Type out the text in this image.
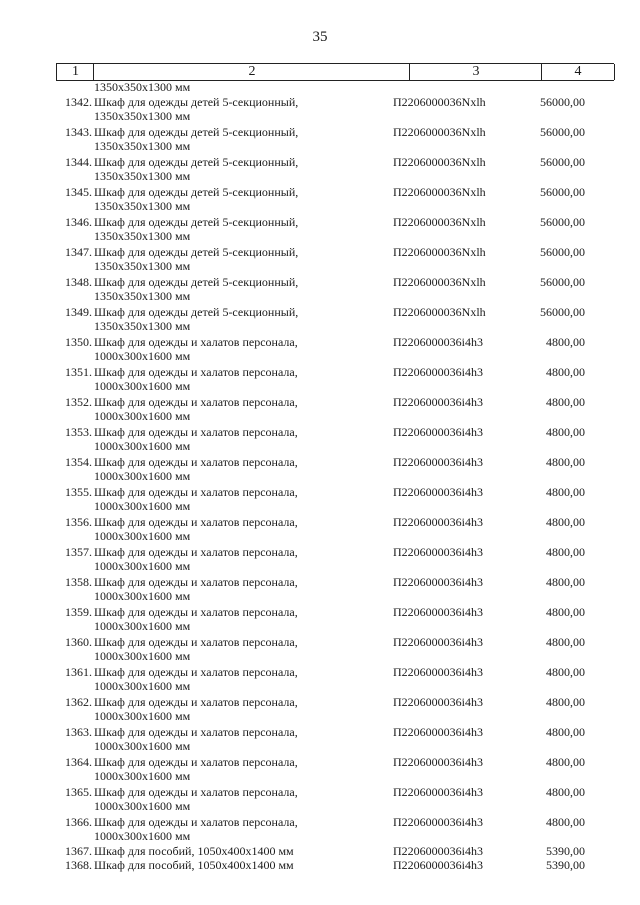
35
1	2	3	4
1350х350х1300 мм
1342. Шкаф для одежды детей 5-секционный,
1350х350х1300 мм
П2206000036Nxlh	56000,00
1343. Шкаф для одежды детей 5-секционный,
1350х350х1300 мм
П2206000036Nxlh	56000,00
1344. Шкаф для одежды детей 5-секционный,
1350х350х1300 мм
П2206000036Nxlh	56000,00
1345. Шкаф для одежды детей 5-секционный,
1350х350х1300 мм
П2206000036Nxlh	56000,00
1346. Шкаф для одежды детей 5-секционный,
1350х350х1300 мм
П2206000036Nxlh	56000,00
1347. Шкаф для одежды детей 5-секционный,
1350х350х1300 мм
П2206000036Nxlh	56000,00
1348. Шкаф для одежды детей 5-секционный,
1350х350х1300 мм
П2206000036Nxlh	56000,00
1349. Шкаф для одежды детей 5-секционный,
1350х350х1300 мм
П2206000036Nxlh	56000,00
1350. Шкаф для одежды и халатов персонала,
1000х300х1600 мм
П2206000036i4h3	4800,00
1351. Шкаф для одежды и халатов персонала,
1000х300х1600 мм
П2206000036i4h3	4800,00
1352. Шкаф для одежды и халатов персонала,
1000х300х1600 мм
П2206000036i4h3	4800,00
1353. Шкаф для одежды и халатов персонала,
1000х300х1600 мм
П2206000036i4h3	4800,00
1354. Шкаф для одежды и халатов персонала,
1000х300х1600 мм
П2206000036i4h3	4800,00
1355. Шкаф для одежды и халатов персонала,
1000х300х1600 мм
П2206000036i4h3	4800,00
1356. Шкаф для одежды и халатов персонала,
1000х300х1600 мм
П2206000036i4h3	4800,00
1357. Шкаф для одежды и халатов персонала,
1000х300х1600 мм
П2206000036i4h3	4800,00
1358. Шкаф для одежды и халатов персонала,
1000х300х1600 мм
П2206000036i4h3	4800,00
1359. Шкаф для одежды и халатов персонала,
1000х300х1600 мм
П2206000036i4h3	4800,00
1360. Шкаф для одежды и халатов персонала,
1000х300х1600 мм
П2206000036i4h3	4800,00
1361. Шкаф для одежды и халатов персонала,
1000х300х1600 мм
П2206000036i4h3	4800,00
1362. Шкаф для одежды и халатов персонала,
1000х300х1600 мм
П2206000036i4h3	4800,00
1363. Шкаф для одежды и халатов персонала,
1000х300х1600 мм
П2206000036i4h3	4800,00
1364. Шкаф для одежды и халатов персонала,
1000х300х1600 мм
П2206000036i4h3	4800,00
1365. Шкаф для одежды и халатов персонала,
1000х300х1600 мм
П2206000036i4h3	4800,00
1366. Шкаф для одежды и халатов персонала,
1000х300х1600 мм
П2206000036i4h3	4800,00
1367. Шкаф для пособий, 1050х400х1400 мм	П2206000036i4h3	5390,00
1368. Шкаф для пособий, 1050х400х1400 мм	П2206000036i4h3	5390,00
